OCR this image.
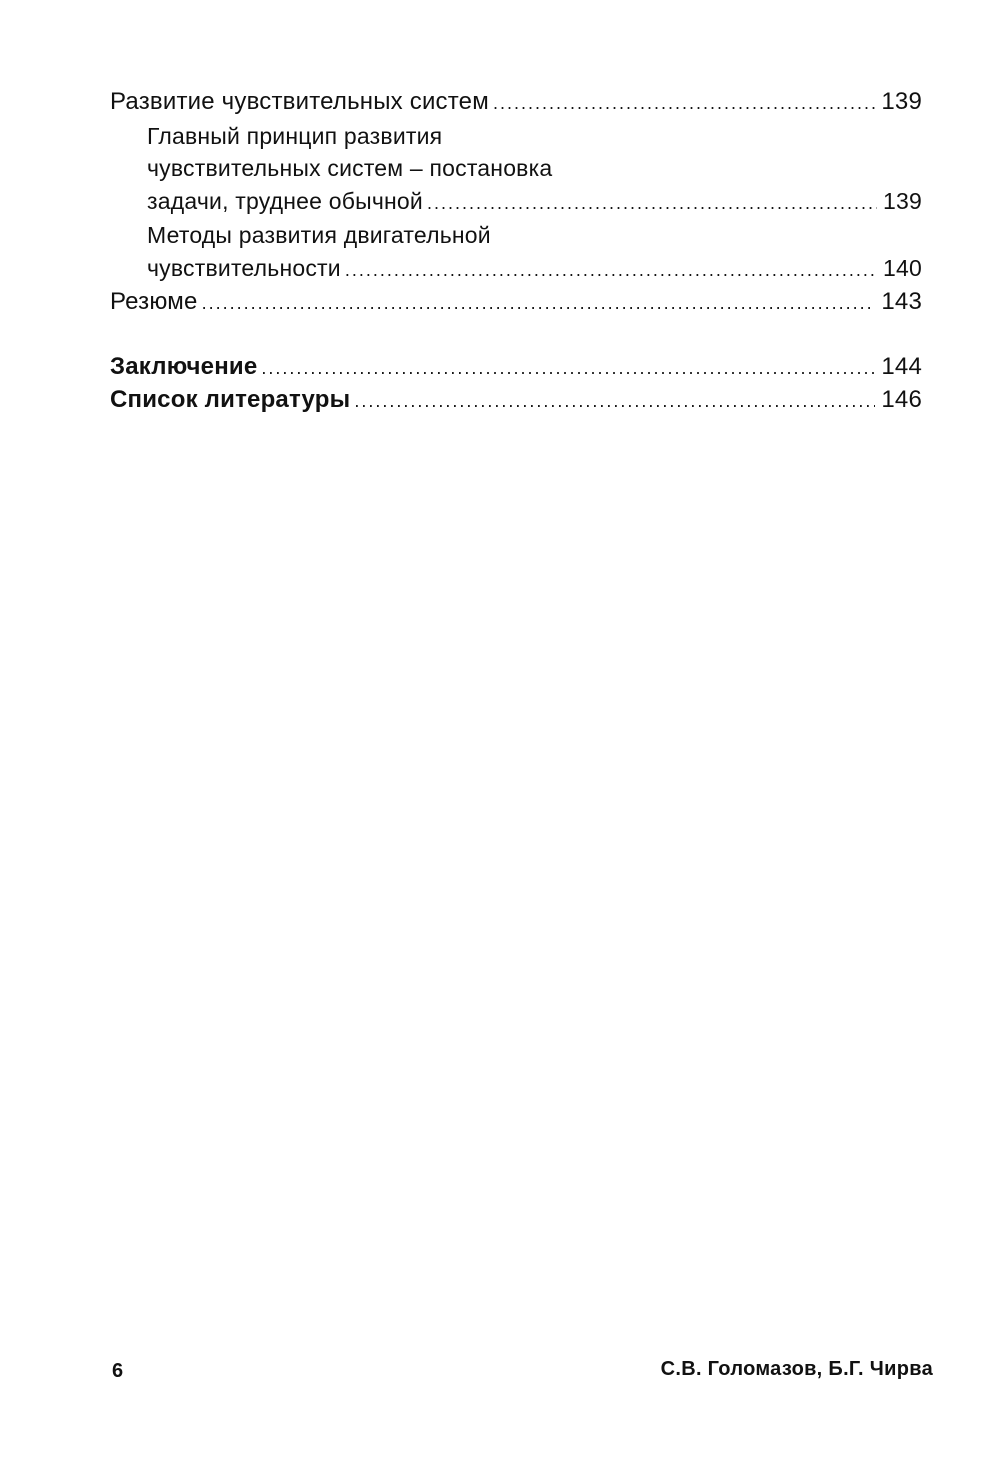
Развитие чувствительных систем .....	139
Главный принцип развития
чувствительных систем – постановка
задачи, труднее обычной .....	139
Методы развития двигательной
чувствительности .....	140
Резюме .....	143
Заключение .....	144
Список литературы .....	146
6	С.В. Голомазов, Б.Г. Чирва
